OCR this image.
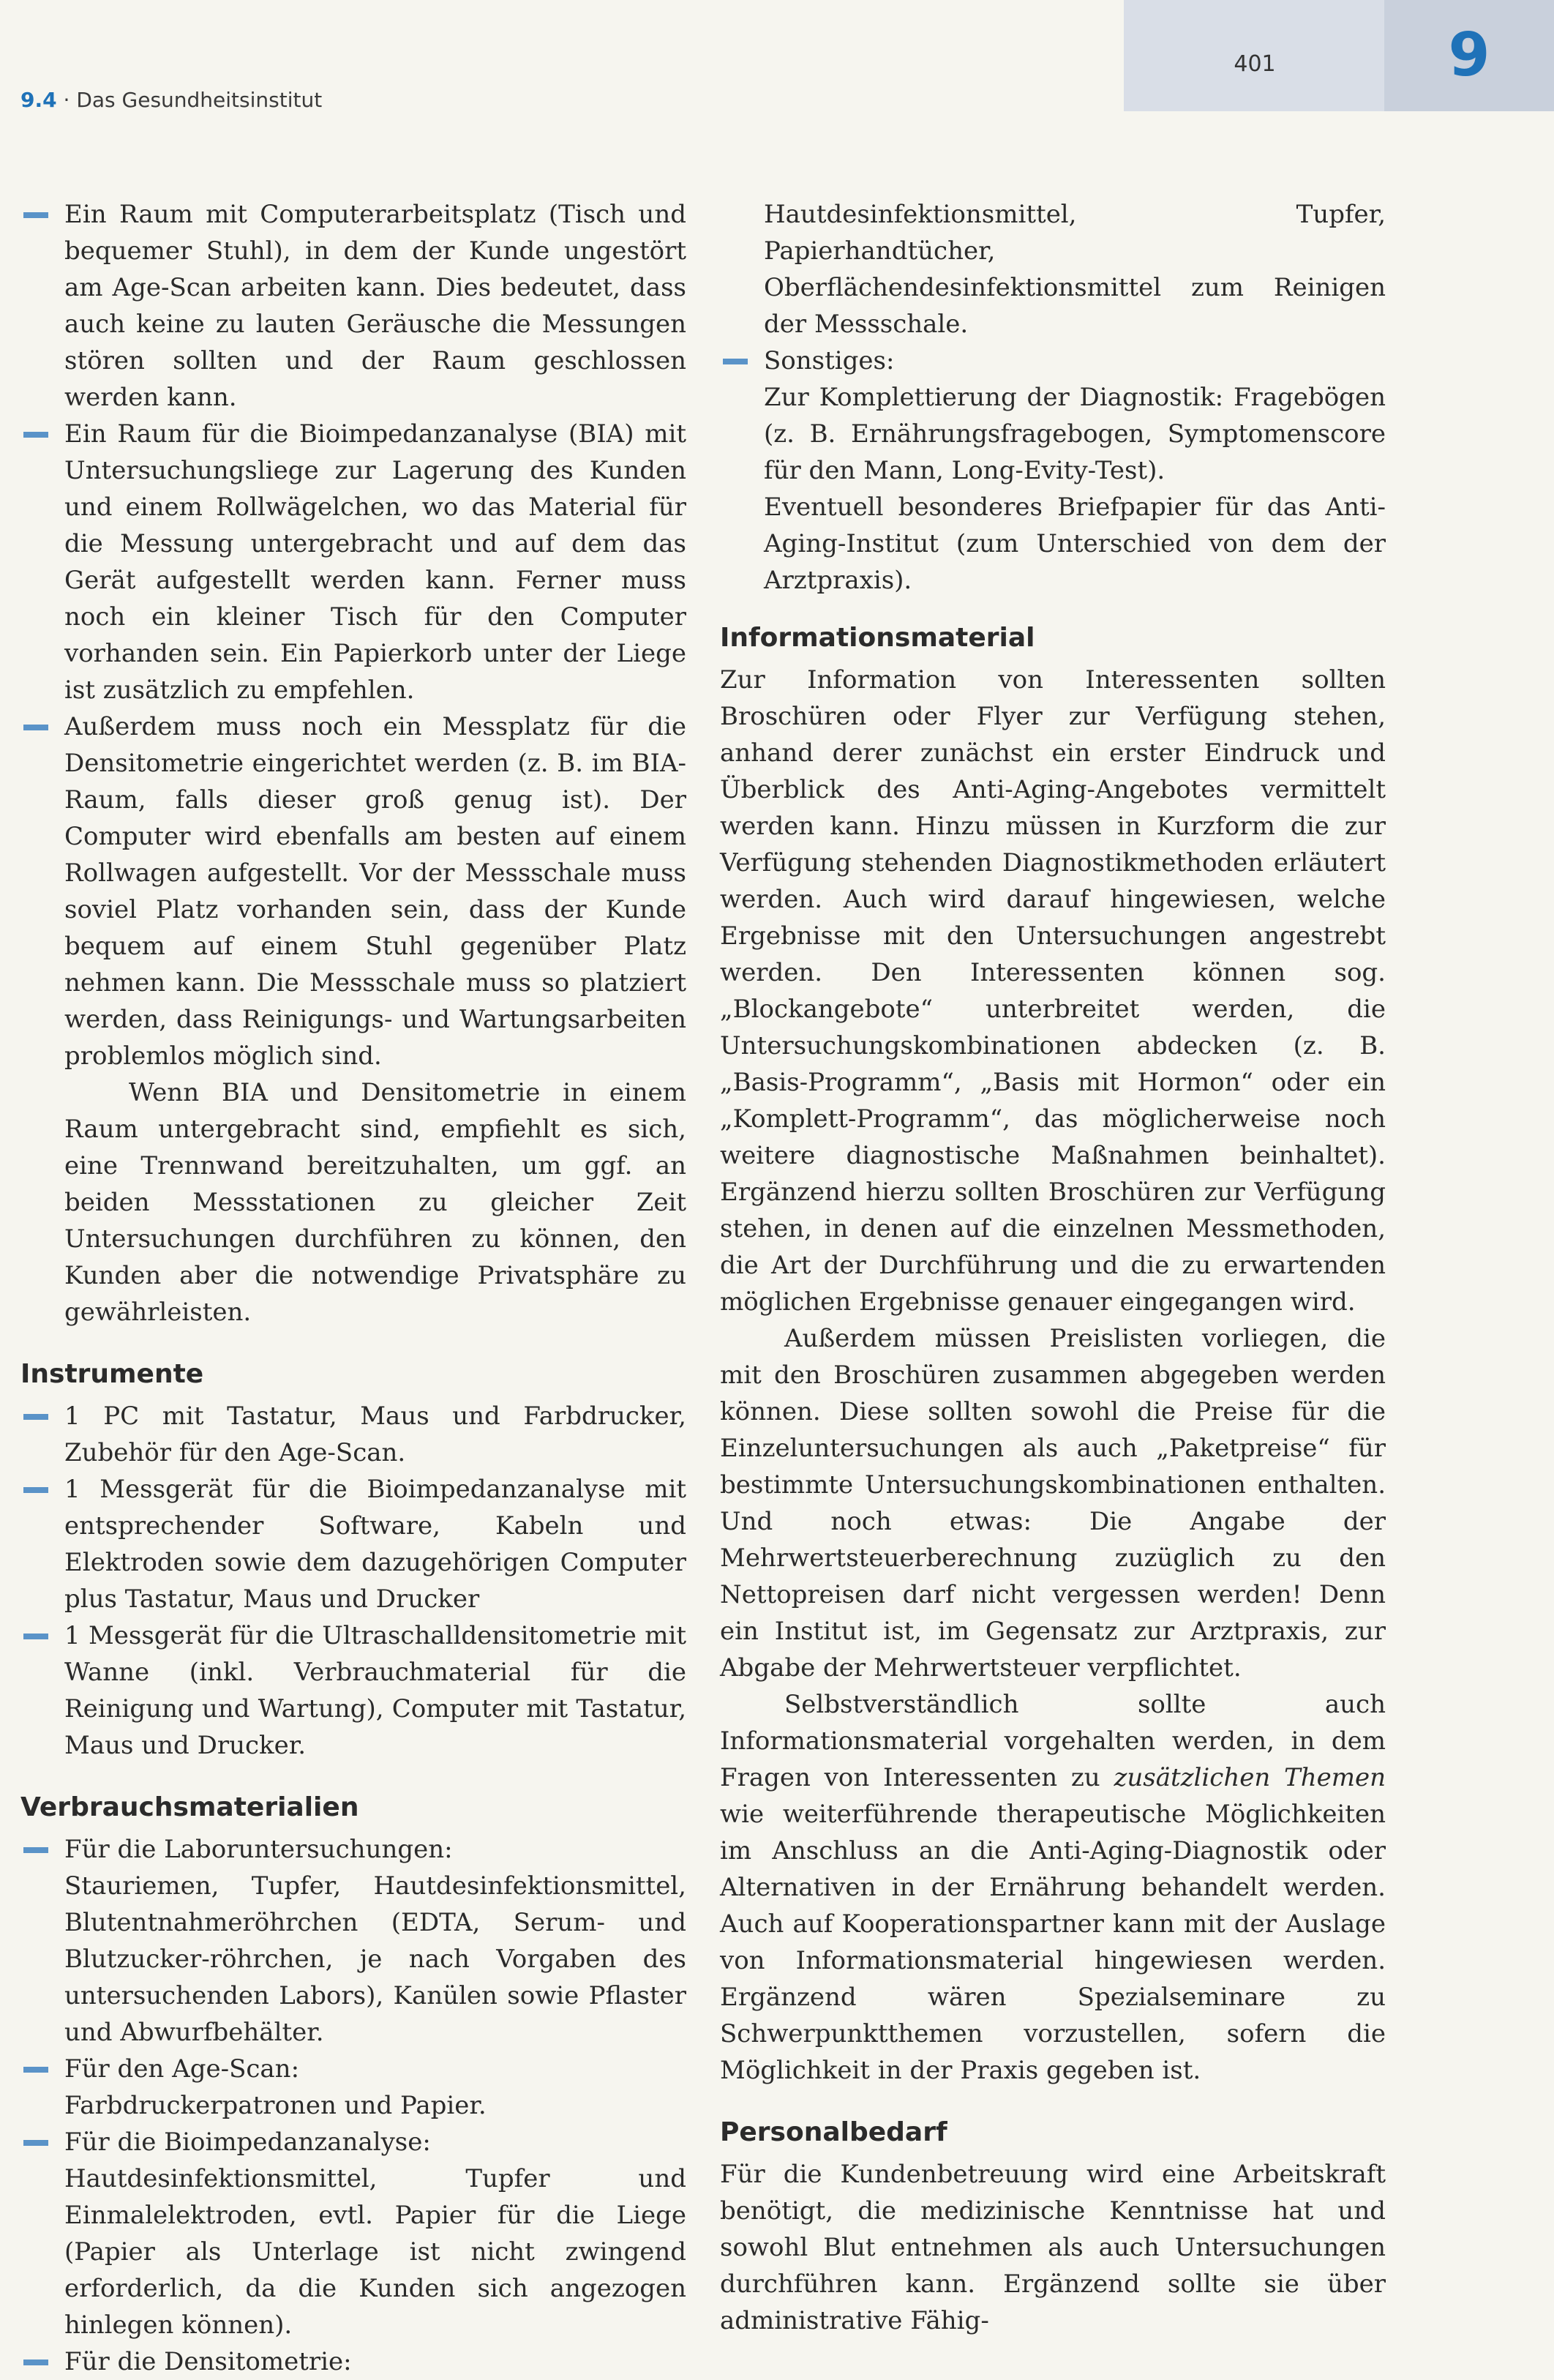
9
401
9.4 · Das Gesundheitsinstitut

Ein Raum mit Computerarbeitsplatz (Tisch und bequemer Stuhl), in dem der Kunde ungestört am Age-Scan arbeiten kann. Dies bedeutet, dass auch keine zu lauten Geräusche die Messungen stören sollten und der Raum geschlossen werden kann.

Ein Raum für die Bioimpedanzanalyse (BIA) mit Untersuchungsliege zur Lagerung des Kunden und einem Rollwägelchen, wo das Material für die Messung untergebracht und auf dem das Gerät aufgestellt werden kann. Ferner muss noch ein kleiner Tisch für den Computer vorhanden sein. Ein Papierkorb unter der Liege ist zusätzlich zu empfehlen.

Außerdem muss noch ein Messplatz für die Densitometrie eingerichtet werden (z. B. im BIA-Raum, falls dieser groß genug ist). Der Computer wird ebenfalls am besten auf einem Rollwagen aufgestellt. Vor der Messschale muss soviel Platz vorhanden sein, dass der Kunde bequem auf einem Stuhl gegenüber Platz nehmen kann. Die Messschale muss so platziert werden, dass Reinigungs- und Wartungsarbeiten problemlos möglich sind.

Wenn BIA und Densitometrie in einem Raum untergebracht sind, empfiehlt es sich, eine Trennwand bereitzuhalten, um ggf. an beiden Messstationen zu gleicher Zeit Untersuchungen durchführen zu können, den Kunden aber die notwendige Privatsphäre zu gewährleisten.

Instrumente

1 PC mit Tastatur, Maus und Farbdrucker, Zubehör für den Age-Scan.

1 Messgerät für die Bioimpedanzanalyse mit entsprechender Software, Kabeln und Elektroden sowie dem dazugehörigen Computer plus Tastatur, Maus und Drucker

1 Messgerät für die Ultraschalldensitometrie mit Wanne (inkl. Verbrauchmaterial für die Reinigung und Wartung), Computer mit Tastatur, Maus und Drucker.

Verbrauchsmaterialien

Für die Laboruntersuchungen:

Stauriemen, Tupfer, Hautdesinfektionsmittel, Blutentnahmeröhrchen (EDTA, Serum- und Blutzucker-röhrchen, je nach Vorgaben des untersuchenden Labors), Kanülen sowie Pflaster und Abwurfbehälter.

Für den Age-Scan:

Farbdruckerpatronen und Papier.

Für die Bioimpedanzanalyse:

Hautdesinfektionsmittel, Tupfer und Einmalelektroden, evtl. Papier für die Liege (Papier als Unterlage ist nicht zwingend erforderlich, da die Kunden sich angezogen hinlegen können).

Für die Densitometrie:

Hautdesinfektionsmittel, Tupfer, Papierhandtücher, Oberflächendesinfektionsmittel zum Reinigen der Messschale.

Sonstiges:

Zur Komplettierung der Diagnostik: Fragebögen (z. B. Ernährungsfragebogen, Symptomenscore für den Mann, Long-Evity-Test).

Eventuell besonderes Briefpapier für das Anti-Aging-Institut (zum Unterschied von dem der Arztpraxis).

Informationsmaterial

Zur Information von Interessenten sollten Broschüren oder Flyer zur Verfügung stehen, anhand derer zunächst ein erster Eindruck und Überblick des Anti-Aging-Angebotes vermittelt werden kann. Hinzu müssen in Kurzform die zur Verfügung stehenden Diagnostikmethoden erläutert werden. Auch wird darauf hingewiesen, welche Ergebnisse mit den Untersuchungen angestrebt werden. Den Interessenten können sog. „Blockangebote“ unterbreitet werden, die Untersuchungskombinationen abdecken (z. B. „Basis-Programm“, „Basis mit Hormon“ oder ein „Komplett-Programm“, das möglicherweise noch weitere diagnostische Maßnahmen beinhaltet). Ergänzend hierzu sollten Broschüren zur Verfügung stehen, in denen auf die einzelnen Messmethoden, die Art der Durchführung und die zu erwartenden möglichen Ergebnisse genauer eingegangen wird.

Außerdem müssen Preislisten vorliegen, die mit den Broschüren zusammen abgegeben werden können. Diese sollten sowohl die Preise für die Einzeluntersuchungen als auch „Paketpreise“ für bestimmte Untersuchungskombinationen enthalten. Und noch etwas: Die Angabe der Mehrwertsteuerberechnung zuzüglich zu den Nettopreisen darf nicht vergessen werden! Denn ein Institut ist, im Gegensatz zur Arztpraxis, zur Abgabe der Mehrwertsteuer verpflichtet.

Selbstverständlich sollte auch Informationsmaterial vorgehalten werden, in dem Fragen von Interessenten zu zusätzlichen Themen wie weiterführende therapeutische Möglichkeiten im Anschluss an die Anti-Aging-Diagnostik oder Alternativen in der Ernährung behandelt werden. Auch auf Kooperationspartner kann mit der Auslage von Informationsmaterial hingewiesen werden. Ergänzend wären Spezialseminare zu Schwerpunktthemen vorzustellen, sofern die Möglichkeit in der Praxis gegeben ist.

Personalbedarf

Für die Kundenbetreuung wird eine Arbeitskraft benötigt, die medizinische Kenntnisse hat und sowohl Blut entnehmen als auch Untersuchungen durchführen kann. Ergänzend sollte sie über administrative Fähig-
